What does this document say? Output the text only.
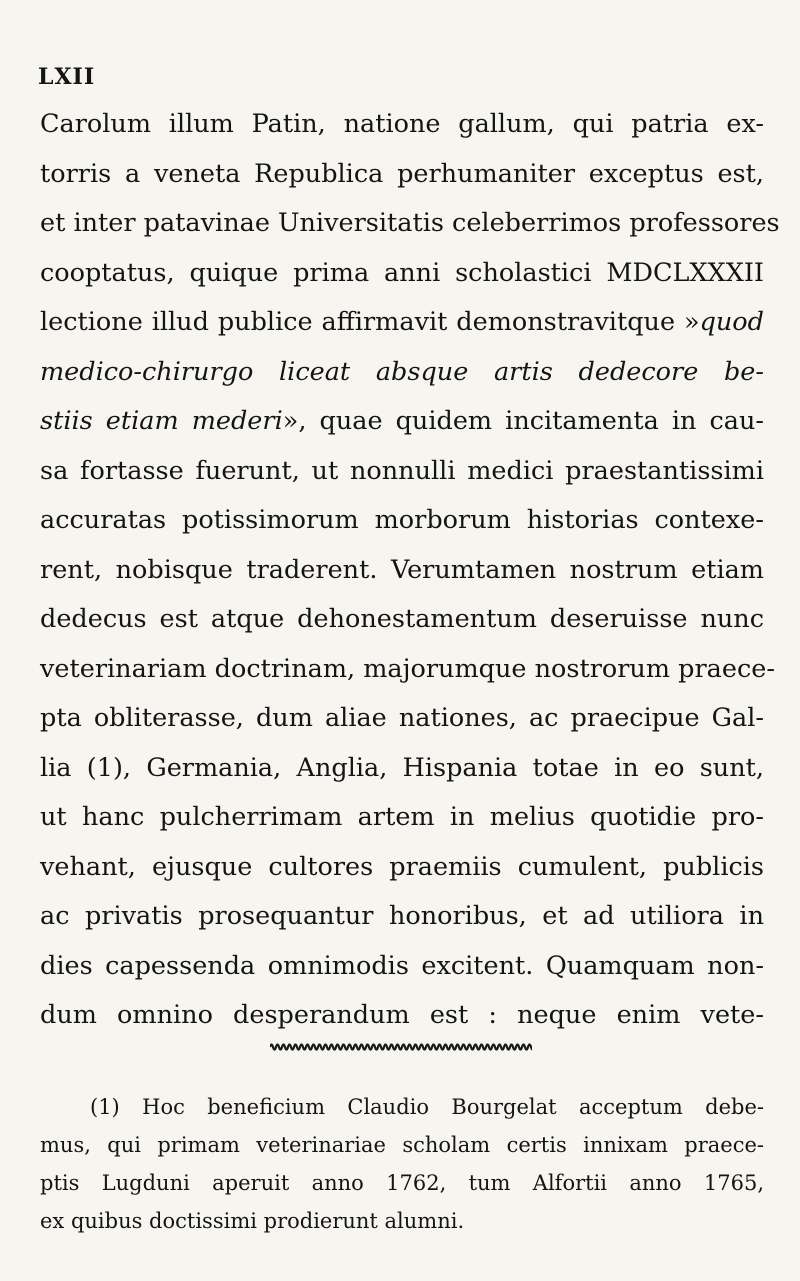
LXII
Carolum illum Patin, natione gallum, qui patria ex-
torris a veneta Republica perhumaniter exceptus est,
et inter patavinae Universitatis celeberrimos professores
cooptatus, quique prima anni scholastici MDCLXXXII
lectione illud publice affirmavit demonstravitque »quod
medico-chirurgo liceat absque artis dedecore be-
stiis etiam mederi», quae quidem incitamenta in cau-
sa fortasse fuerunt, ut nonnulli medici praestantissimi
accuratas potissimorum morborum historias contexe-
rent, nobisque traderent. Verumtamen nostrum etiam
dedecus est atque dehonestamentum deseruisse nunc
veterinariam doctrinam, majorumque nostrorum praece-
pta obliterasse, dum aliae nationes, ac praecipue Gal-
lia (1), Germania, Anglia, Hispania totae in eo sunt,
ut hanc pulcherrimam artem in melius quotidie pro-
vehant, ejusque cultores praemiis cumulent, publicis
ac privatis prosequantur honoribus, et ad utiliora in
dies capessenda omnimodis excitent. Quamquam non-
dum omnino desperandum est : neque enim vete-
(1) Hoc beneficium Claudio Bourgelat acceptum debe-
mus, qui primam veterinariae scholam certis innixam praece-
ptis Lugduni aperuit anno 1762, tum Alfortii anno 1765,
ex quibus doctissimi prodierunt alumni.
